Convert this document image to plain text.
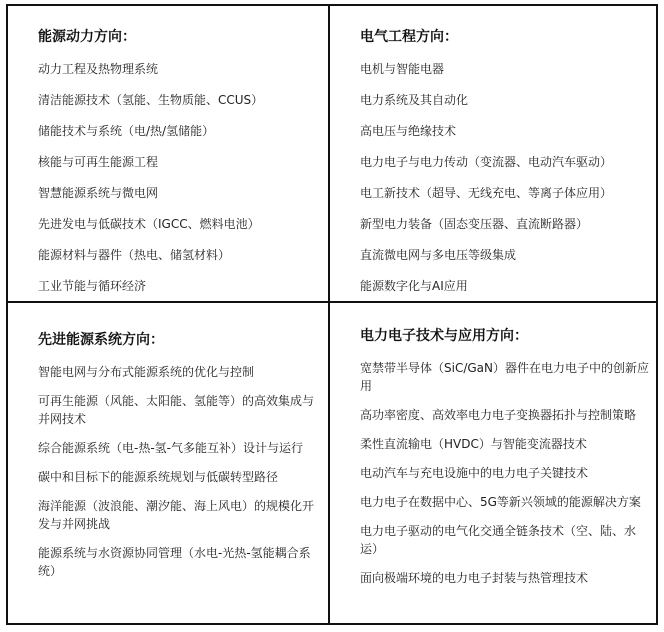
能源动力方向：
动力工程及热物理系统
清洁能源技术（氢能、生物质能、CCUS）
储能技术与系统（电/热/氢储能）
核能与可再生能源工程
智慧能源系统与微电网
先进发电与低碳技术（IGCC、燃料电池）
能源材料与器件（热电、储氢材料）
工业节能与循环经济
电气工程方向：
电机与智能电器
电力系统及其自动化
高电压与绝缘技术
电力电子与电力传动（变流器、电动汽车驱动）
电工新技术（超导、无线充电、等离子体应用）
新型电力装备（固态变压器、直流断路器）
直流微电网与多电压等级集成
能源数字化与AI应用
先进能源系统方向：
智能电网与分布式能源系统的优化与控制
可再生能源（风能、太阳能、氢能等）的高效集成与并网技术
综合能源系统（电-热-氢-气多能互补）设计与运行
碳中和目标下的能源系统规划与低碳转型路径
海洋能源（波浪能、潮汐能、海上风电）的规模化开发与并网挑战
能源系统与水资源协同管理（水电-光热-氢能耦合系统）
电力电子技术与应用方向：
宽禁带半导体（SiC/GaN）器件在电力电子中的创新应用
高功率密度、高效率电力电子变换器拓扑与控制策略
柔性直流输电（HVDC）与智能变流器技术
电动汽车与充电设施中的电力电子关键技术
电力电子在数据中心、5G等新兴领域的能源解决方案
电力电子驱动的电气化交通全链条技术（空、陆、水运）
面向极端环境的电力电子封装与热管理技术
